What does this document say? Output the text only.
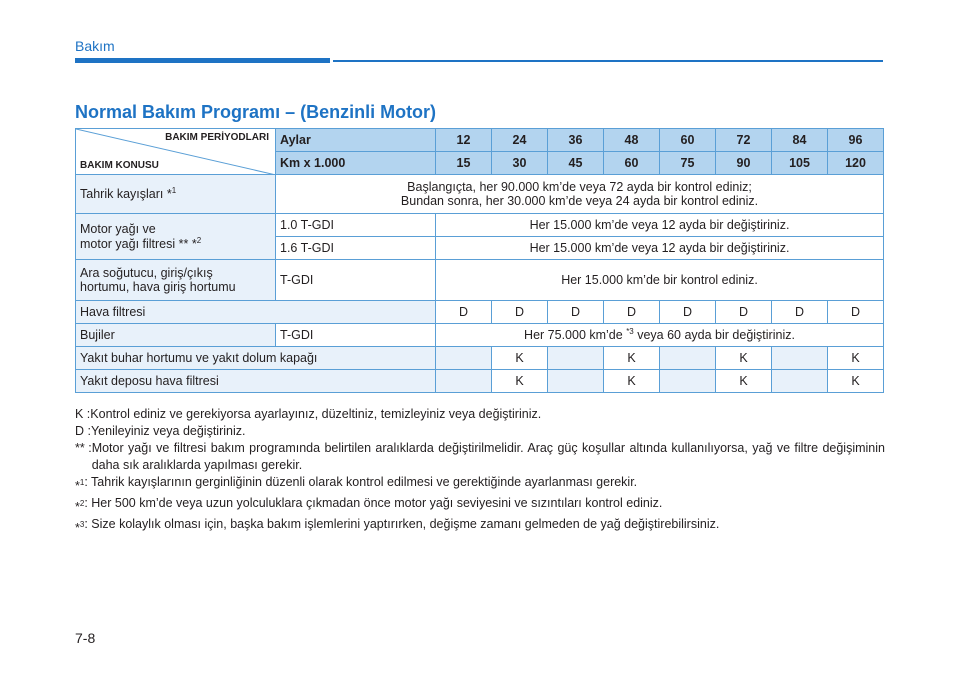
Bakım
Normal Bakım Programı – (Benzinli Motor)
BAKIM PERİYODLARI
BAKIM KONUSU	Aylar	12	24	36	48	60	72	84	96
	Km x 1.000	15	30	45	60	75	90	105	120
Tahrik kayışları *$^1$	Başlangıçta, her 90.000 km’de veya 72 ayda bir kontrol ediniz;
Bundan sonra, her 30.000 km’de veya 24 ayda bir kontrol ediniz.								

Motor yağı ve
motor yağı filtresi ** *$^2$	1.0 T-GDI	Her 15.000 km’de veya 12 ayda bir değiştiriniz.							
	1.6 T-GDI	Her 15.000 km’de veya 12 ayda bir değiştiriniz.							

Ara soğutucu, giriş/çıkış
hortumu, hava giriş hortumu	T-GDI	Her 15.000 km’de bir kontrol ediniz.							
Hava filtresi		D	D	D	D	D	D	D	D
Bujiler	T-GDI	Her 75.000 km’de $^{*3}$ veya 60 ayda bir değiştiriniz.							
Yakıt buhar hortumu ve yakıt dolum kapağı			K		K		K		K
Yakıt deposu hava filtresi			K		K		K		K
K : Kontrol ediniz ve gerekiyorsa ayarlayınız, düzeltiniz, temizleyiniz veya değiştiriniz.
D : Yenileyiniz veya değiştiriniz.
** : Motor yağı ve filtresi bakım programında belirtilen aralıklarda değiştirilmelidir. Araç güç koşullar altında kullanılıyorsa, yağ ve filtre değişiminin daha sık aralıklarda yapılması gerekir.
*$^1$ : Tahrik kayışlarının gerginliğinin düzenli olarak kontrol edilmesi ve gerektiğinde ayarlanması gerekir.
*$^2$ : Her 500 km’de veya uzun yolculuklara çıkmadan önce motor yağı seviyesini ve sızıntıları kontrol ediniz.
*$^3$ : Size kolaylık olması için, başka bakım işlemlerini yaptırırken, değişme zamanı gelmeden de yağ değiştirebilirsiniz.
7-8
